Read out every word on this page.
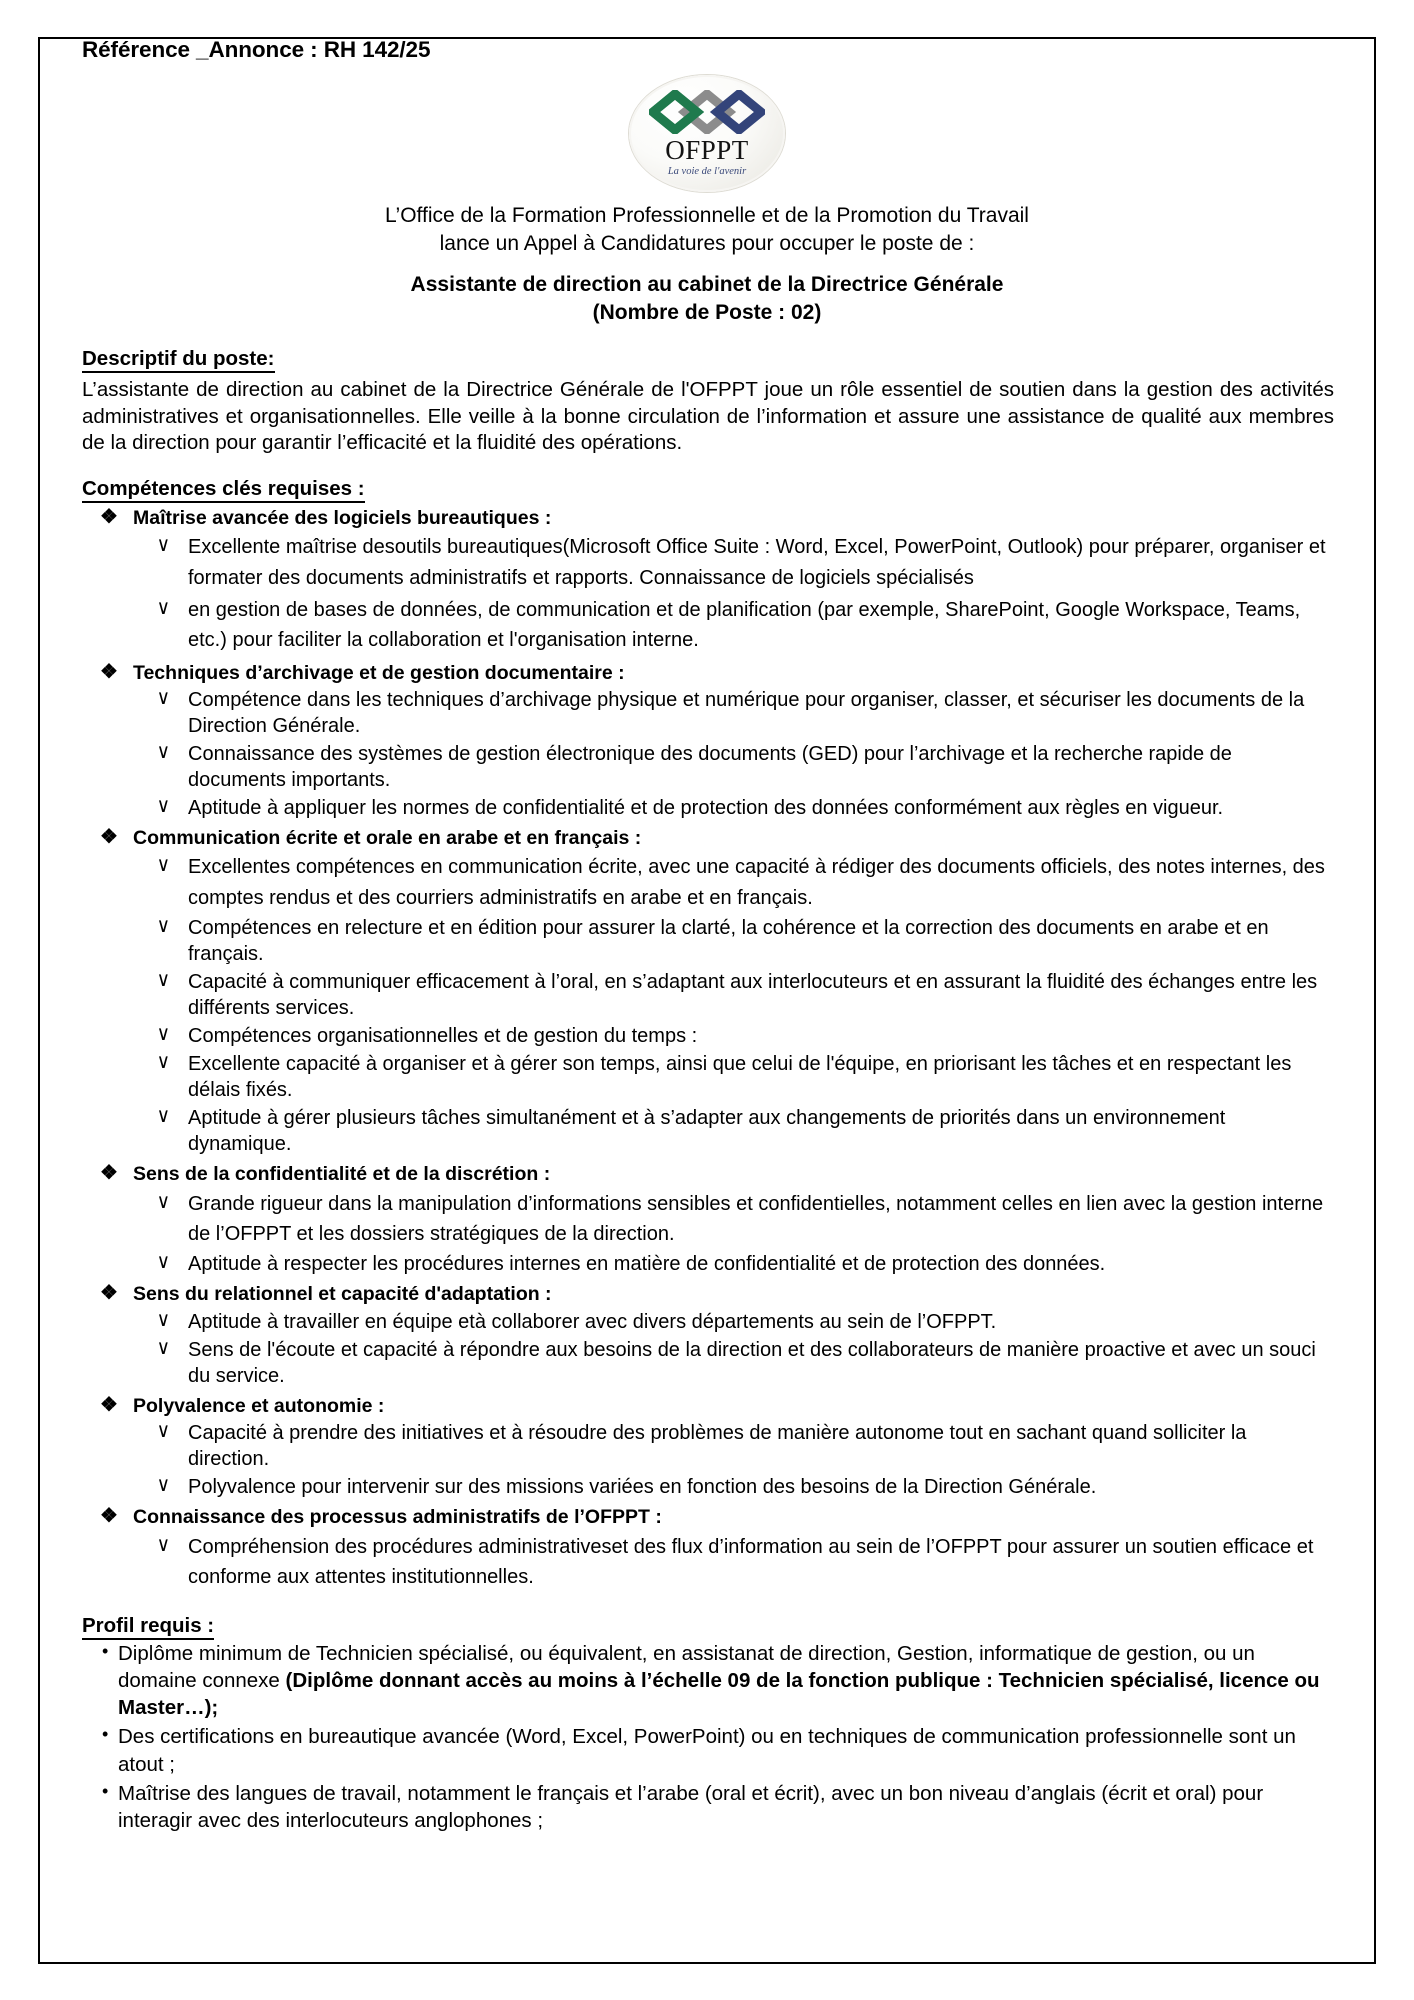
Référence _Annonce : RH 142/25
OFPPT
La voie de l'avenir
L’Office de la Formation Professionnelle et de la Promotion du Travail
lance un Appel à Candidatures pour occuper le poste de :
Assistante de direction au cabinet de la Directrice Générale
(Nombre de Poste : 02)
Descriptif du poste:
L’assistante de direction au cabinet de la Directrice Générale de l'OFPPT joue un rôle essentiel de soutien dans la gestion des activités administratives et organisationnelles. Elle veille à la bonne circulation de l’information et assure une assistance de qualité aux membres de la direction pour garantir l’efficacité et la fluidité des opérations.
Compétences clés requises :
❖ Maîtrise avancée des logiciels bureautiques :
∨ Excellente maîtrise desoutils bureautiques(Microsoft Office Suite : Word, Excel, PowerPoint, Outlook) pour préparer, organiser et formater des documents administratifs et rapports. Connaissance de logiciels spécialisés
∨ en gestion de bases de données, de communication et de planification (par exemple, SharePoint, Google Workspace, Teams, etc.) pour faciliter la collaboration et l'organisation interne.
❖ Techniques d’archivage et de gestion documentaire :
∨ Compétence dans les techniques d’archivage physique et numérique pour organiser, classer, et sécuriser les documents de la Direction Générale.
∨ Connaissance des systèmes de gestion électronique des documents (GED) pour l’archivage et la recherche rapide de documents importants.
∨ Aptitude à appliquer les normes de confidentialité et de protection des données conformément aux règles en vigueur.
❖ Communication écrite et orale en arabe et en français :
∨ Excellentes compétences en communication écrite, avec une capacité à rédiger des documents officiels, des notes internes, des comptes rendus et des courriers administratifs en arabe et en français.
∨ Compétences en relecture et en édition pour assurer la clarté, la cohérence et la correction des documents en arabe et en français.
∨ Capacité à communiquer efficacement à l’oral, en s’adaptant aux interlocuteurs et en assurant la fluidité des échanges entre les différents services.
∨ Compétences organisationnelles et de gestion du temps :
∨ Excellente capacité à organiser et à gérer son temps, ainsi que celui de l'équipe, en priorisant les tâches et en respectant les délais fixés.
∨ Aptitude à gérer plusieurs tâches simultanément et à s’adapter aux changements de priorités dans un environnement dynamique.
❖ Sens de la confidentialité et de la discrétion :
∨ Grande rigueur dans la manipulation d’informations sensibles et confidentielles, notamment celles en lien avec la gestion interne de l’OFPPT et les dossiers stratégiques de la direction.
∨ Aptitude à respecter les procédures internes en matière de confidentialité et de protection des données.
❖ Sens du relationnel et capacité d'adaptation :
∨ Aptitude à travailler en équipe età collaborer avec divers départements au sein de l’OFPPT.
∨ Sens de l'écoute et capacité à répondre aux besoins de la direction et des collaborateurs de manière proactive et avec un souci du service.
❖ Polyvalence et autonomie :
∨ Capacité à prendre des initiatives et à résoudre des problèmes de manière autonome tout en sachant quand solliciter la direction.
∨ Polyvalence pour intervenir sur des missions variées en fonction des besoins de la Direction Générale.
❖ Connaissance des processus administratifs de l’OFPPT :
∨ Compréhension des procédures administrativeset des flux d’information au sein de l’OFPPT pour assurer un soutien efficace et conforme aux attentes institutionnelles.
Profil requis :
• Diplôme minimum de Technicien spécialisé, ou équivalent, en assistanat de direction, Gestion, informatique de gestion, ou un domaine connexe (Diplôme donnant accès au moins à l’échelle 09 de la fonction publique : Technicien spécialisé, licence ou Master…);
• Des certifications en bureautique avancée (Word, Excel, PowerPoint) ou en techniques de communication professionnelle sont un atout ;
• Maîtrise des langues de travail, notamment le français et l’arabe (oral et écrit), avec un bon niveau d’anglais (écrit et oral) pour interagir avec des interlocuteurs anglophones ;
